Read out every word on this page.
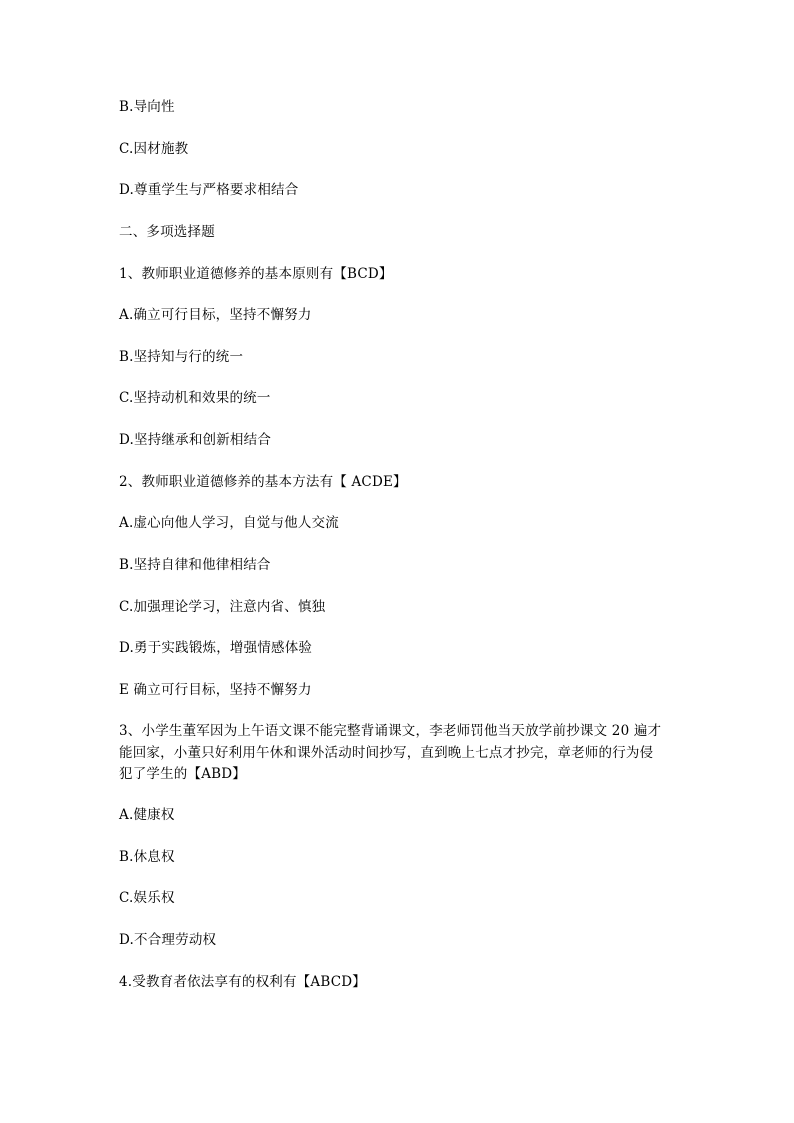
B.导向性
C.因材施教
D.尊重学生与严格要求相结合
二、多项选择题
1、教师职业道德修养的基本原则有【BCD】
A.确立可行目标，坚持不懈努力
B.坚持知与行的统一
C.坚持动机和效果的统一
D.坚持继承和创新相结合
2、教师职业道德修养的基本方法有【 ACDE】
A.虚心向他人学习，自觉与他人交流
B.坚持自律和他律相结合
C.加强理论学习，注意内省、慎独
D.勇于实践锻炼，增强情感体验
E 确立可行目标，坚持不懈努力
3、小学生董军因为上午语文课不能完整背诵课文，李老师罚他当天放学前抄课文 20 遍才
能回家，小董只好利用午休和课外活动时间抄写，直到晚上七点才抄完，章老师的行为侵
犯了学生的【ABD】
A.健康权
B.休息权
C.娱乐权
D.不合理劳动权
4.受教育者依法享有的权利有【ABCD】
